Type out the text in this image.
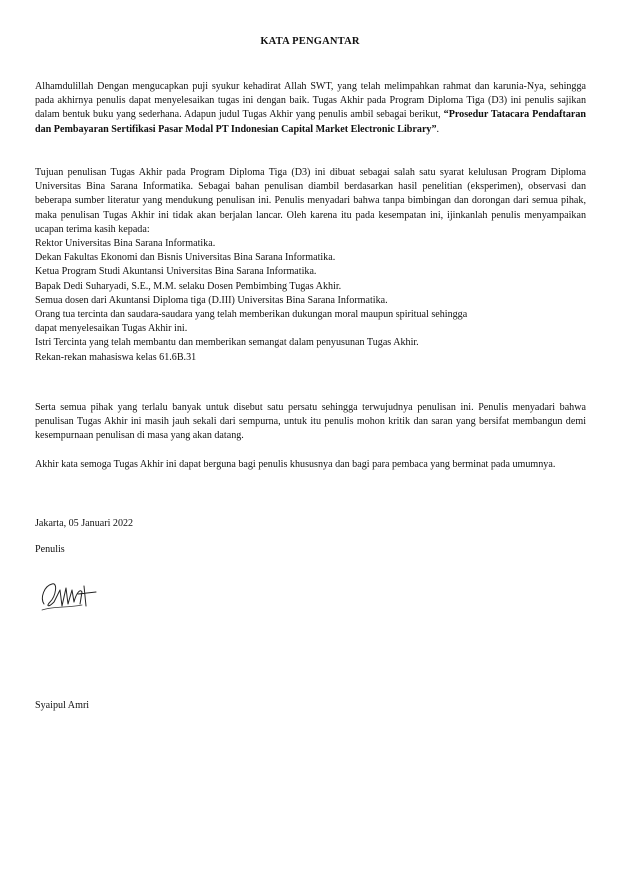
KATA PENGANTAR
Alhamdulillah Dengan mengucapkan puji syukur kehadirat Allah SWT, yang telah melimpahkan rahmat dan karunia-Nya, sehingga pada akhirnya penulis dapat menyelesaikan tugas ini dengan baik. Tugas Akhir pada Program Diploma Tiga (D3) ini penulis sajikan dalam bentuk buku yang sederhana. Adapun judul Tugas Akhir yang penulis ambil sebagai berikut, “Prosedur Tatacara Pendaftaran dan Pembayaran Sertifikasi Pasar Modal PT Indonesian Capital Market Electronic Library”.
Tujuan penulisan Tugas Akhir pada Program Diploma Tiga (D3) ini dibuat sebagai salah satu syarat kelulusan Program Diploma Universitas Bina Sarana Informatika. Sebagai bahan penulisan diambil berdasarkan hasil penelitian (eksperimen), observasi dan beberapa sumber literatur yang mendukung penulisan ini. Penulis menyadari bahwa tanpa bimbingan dan dorongan dari semua pihak, maka penulisan Tugas Akhir ini tidak akan berjalan lancar. Oleh karena itu pada kesempatan ini, ijinkanlah penulis menyampaikan ucapan terima kasih kepada:
Rektor Universitas Bina Sarana Informatika.
Dekan Fakultas Ekonomi dan Bisnis Universitas Bina Sarana Informatika.
Ketua Program Studi Akuntansi Universitas Bina Sarana Informatika.
Bapak Dedi Suharyadi, S.E., M.M. selaku Dosen Pembimbing Tugas Akhir.
Semua dosen dari Akuntansi Diploma tiga (D.III) Universitas Bina Sarana Informatika.
Orang tua tercinta dan saudara-saudara yang telah memberikan dukungan moral maupun spiritual sehingga
dapat menyelesaikan Tugas Akhir ini.
Istri Tercinta yang telah membantu dan memberikan semangat dalam penyusunan Tugas Akhir.
Rekan-rekan mahasiswa kelas 61.6B.31
Serta semua pihak yang terlalu banyak untuk disebut satu persatu sehingga terwujudnya penulisan ini. Penulis menyadari bahwa penulisan Tugas Akhir ini masih jauh sekali dari sempurna, untuk itu penulis mohon kritik dan saran yang bersifat membangun demi kesempurnaan penulisan di masa yang akan datang.
Akhir kata semoga Tugas Akhir ini dapat berguna bagi penulis khususnya dan bagi para pembaca yang berminat pada umumnya.
Jakarta, 05 Januari 2022
Penulis
Syaipul Amri
